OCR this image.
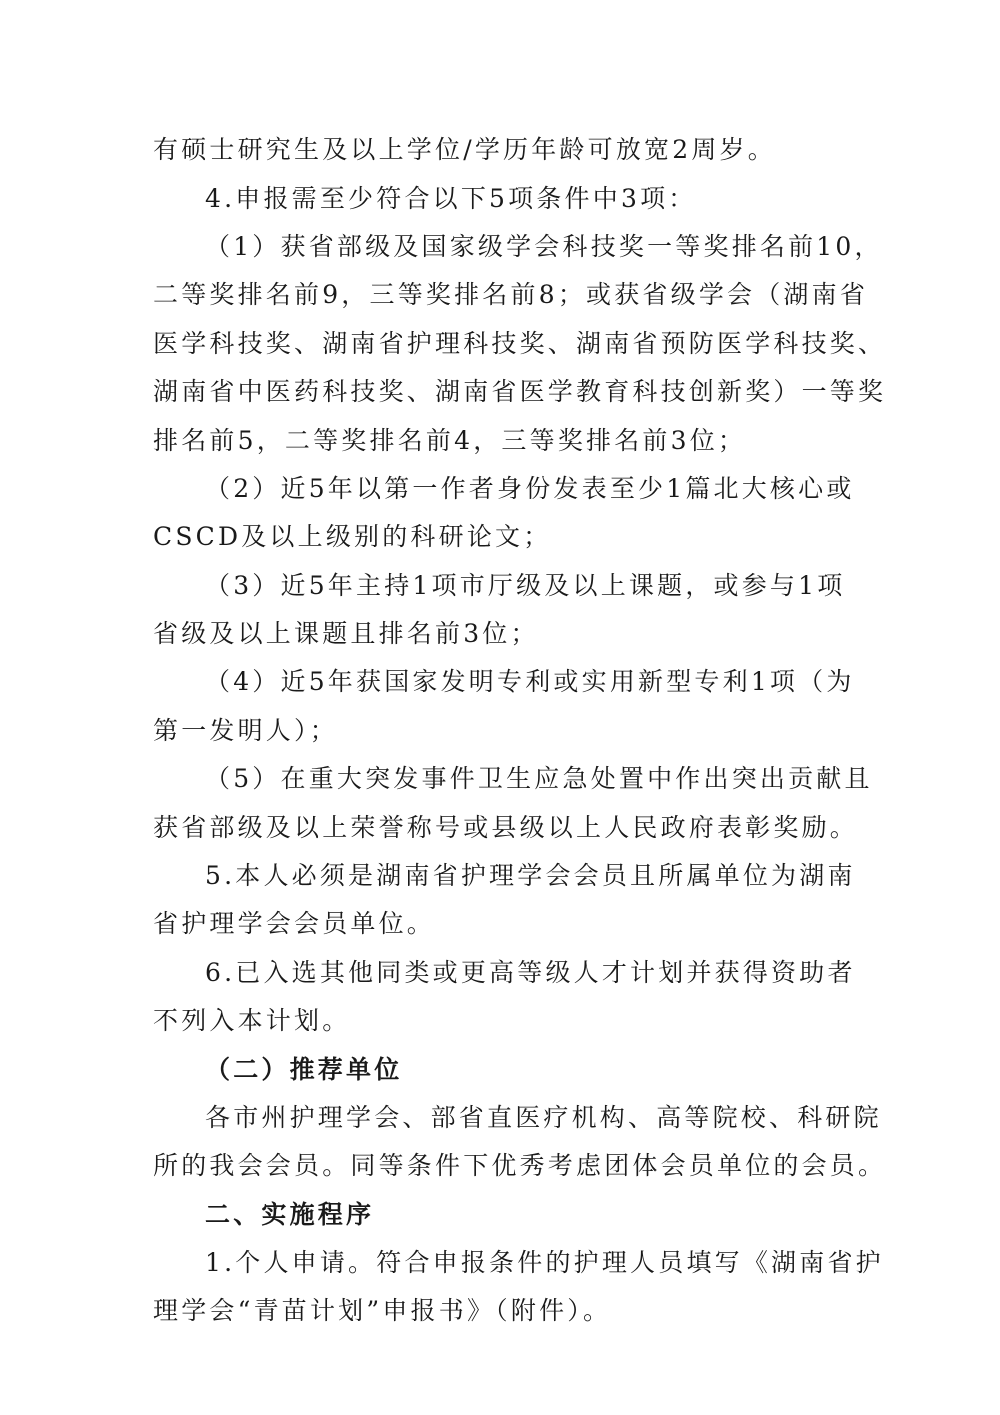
有硕士研究生及以上学位/学历年龄可放宽2周岁。
4.申报需至少符合以下5项条件中3项：
（1）获省部级及国家级学会科技奖一等奖排名前10，
二等奖排名前9，三等奖排名前8；或获省级学会（湖南省
医学科技奖、湖南省护理科技奖、湖南省预防医学科技奖、
湖南省中医药科技奖、湖南省医学教育科技创新奖）一等奖
排名前5，二等奖排名前4，三等奖排名前3位；
（2）近5年以第一作者身份发表至少1篇北大核心或
CSCD及以上级别的科研论文；
（3）近5年主持1项市厅级及以上课题，或参与1项
省级及以上课题且排名前3位；
（4）近5年获国家发明专利或实用新型专利1项（为
第一发明人）；
（5）在重大突发事件卫生应急处置中作出突出贡献且
获省部级及以上荣誉称号或县级以上人民政府表彰奖励。
5.本人必须是湖南省护理学会会员且所属单位为湖南
省护理学会会员单位。
6.已入选其他同类或更高等级人才计划并获得资助者
不列入本计划。
（二）推荐单位
各市州护理学会、部省直医疗机构、高等院校、科研院
所的我会会员。同等条件下优秀考虑团体会员单位的会员。
二、实施程序
1.个人申请。符合申报条件的护理人员填写《湖南省护
理学会“青苗计划”申报书》（附件）。
